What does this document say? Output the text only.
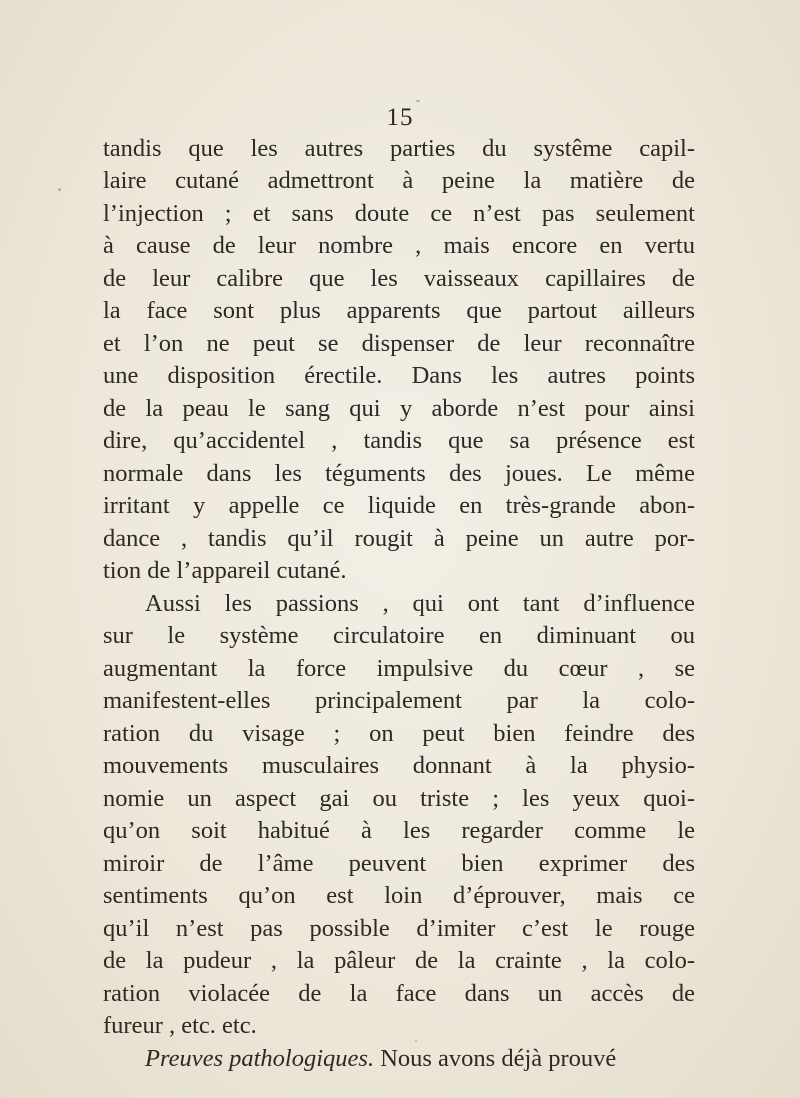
15
tandis que les autres parties du systême capil-
laire cutané admettront à peine la matière de
l’injection ; et sans doute ce n’est pas seulement
à cause de leur nombre , mais encore en vertu
de leur calibre que les vaisseaux capillaires de
la face sont plus apparents que partout ailleurs
et l’on ne peut se dispenser de leur reconnaître
une disposition érectile. Dans les autres points
de la peau le sang qui y aborde n’est pour ainsi
dire, qu’accidentel , tandis que sa présence est
normale dans les téguments des joues. Le même
irritant y appelle ce liquide en très-grande abon-
dance , tandis qu’il rougit à peine un autre por-
tion de l’appareil cutané.
Aussi les passions , qui ont tant d’influence
sur le système circulatoire en diminuant ou
augmentant la force impulsive du cœur , se
manifestent-elles principalement par la colo-
ration du visage ; on peut bien feindre des
mouvements musculaires donnant à la physio-
nomie un aspect gai ou triste ; les yeux quoi-
qu’on soit habitué à les regarder comme le
miroir de l’âme peuvent bien exprimer des
sentiments qu’on est loin d’éprouver, mais ce
qu’il n’est pas possible d’imiter c’est le rouge
de la pudeur , la pâleur de la crainte , la colo-
ration violacée de la face dans un accès de
fureur , etc. etc.
Preuves pathologiques. Nous avons déjà prouvé
